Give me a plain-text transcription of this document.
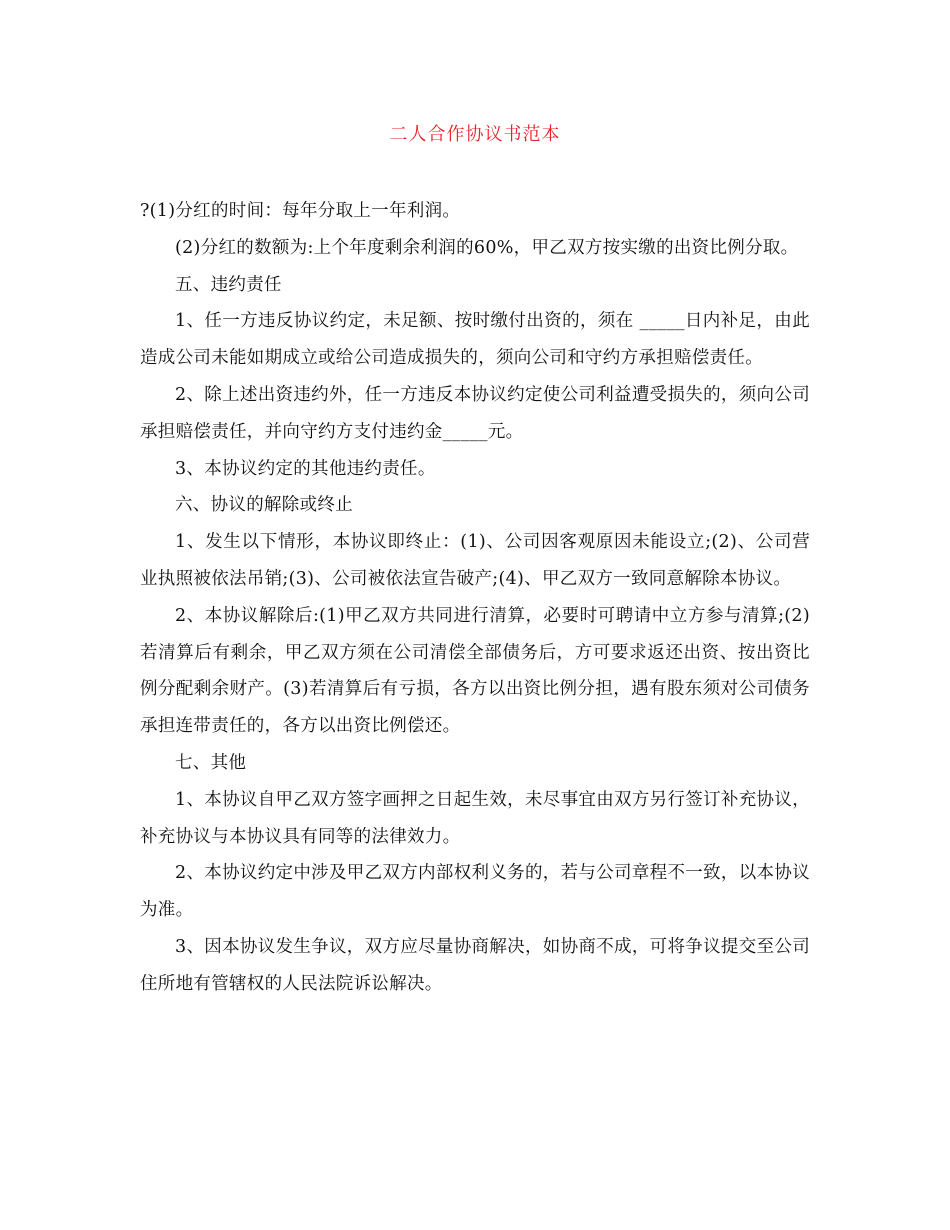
二人合作协议书范本

?(1)分红的时间：每年分取上一年利润。

(2)分红的数额为:上个年度剩余利润的60%，甲乙双方按实缴的出资比例分取。

五、违约责任

1、任一方违反协议约定，未足额、按时缴付出资的，须在 _____日内补足，由此造成公司未能如期成立或给公司造成损失的，须向公司和守约方承担赔偿责任。

2、除上述出资违约外，任一方违反本协议约定使公司利益遭受损失的，须向公司承担赔偿责任，并向守约方支付违约金_____元。

3、本协议约定的其他违约责任。

六、协议的解除或终止

1、发生以下情形，本协议即终止：(1)、公司因客观原因未能设立;(2)、公司营业执照被依法吊销;(3)、公司被依法宣告破产;(4)、甲乙双方一致同意解除本协议。

2、本协议解除后:(1)甲乙双方共同进行清算，必要时可聘请中立方参与清算;(2)若清算后有剩余，甲乙双方须在公司清偿全部债务后，方可要求返还出资、按出资比例分配剩余财产。(3)若清算后有亏损，各方以出资比例分担，遇有股东须对公司债务承担连带责任的，各方以出资比例偿还。

七、其他

1、本协议自甲乙双方签字画押之日起生效，未尽事宜由双方另行签订补充协议，补充协议与本协议具有同等的法律效力。

2、本协议约定中涉及甲乙双方内部权利义务的，若与公司章程不一致，以本协议为准。

3、因本协议发生争议，双方应尽量协商解决，如协商不成，可将争议提交至公司住所地有管辖权的人民法院诉讼解决。
